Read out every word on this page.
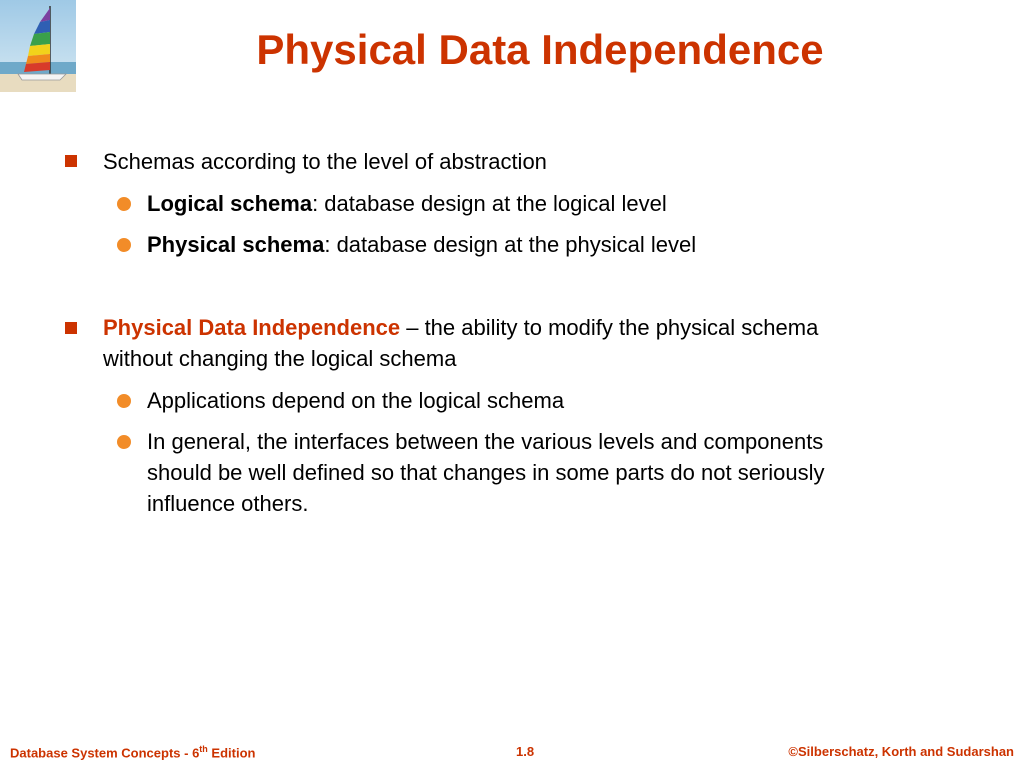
Physical Data Independence
Schemas according to the level of abstraction
Logical schema: database design at the logical level
Physical schema: database design at the physical level
Physical Data Independence – the ability to modify the physical schema
without changing the logical schema
Applications depend on the logical schema
In general, the interfaces between the various levels and components
should be well defined so that changes in some parts do not seriously
influence others.
Database System Concepts - 6th Edition	1.8	©Silberschatz, Korth and Sudarshan
